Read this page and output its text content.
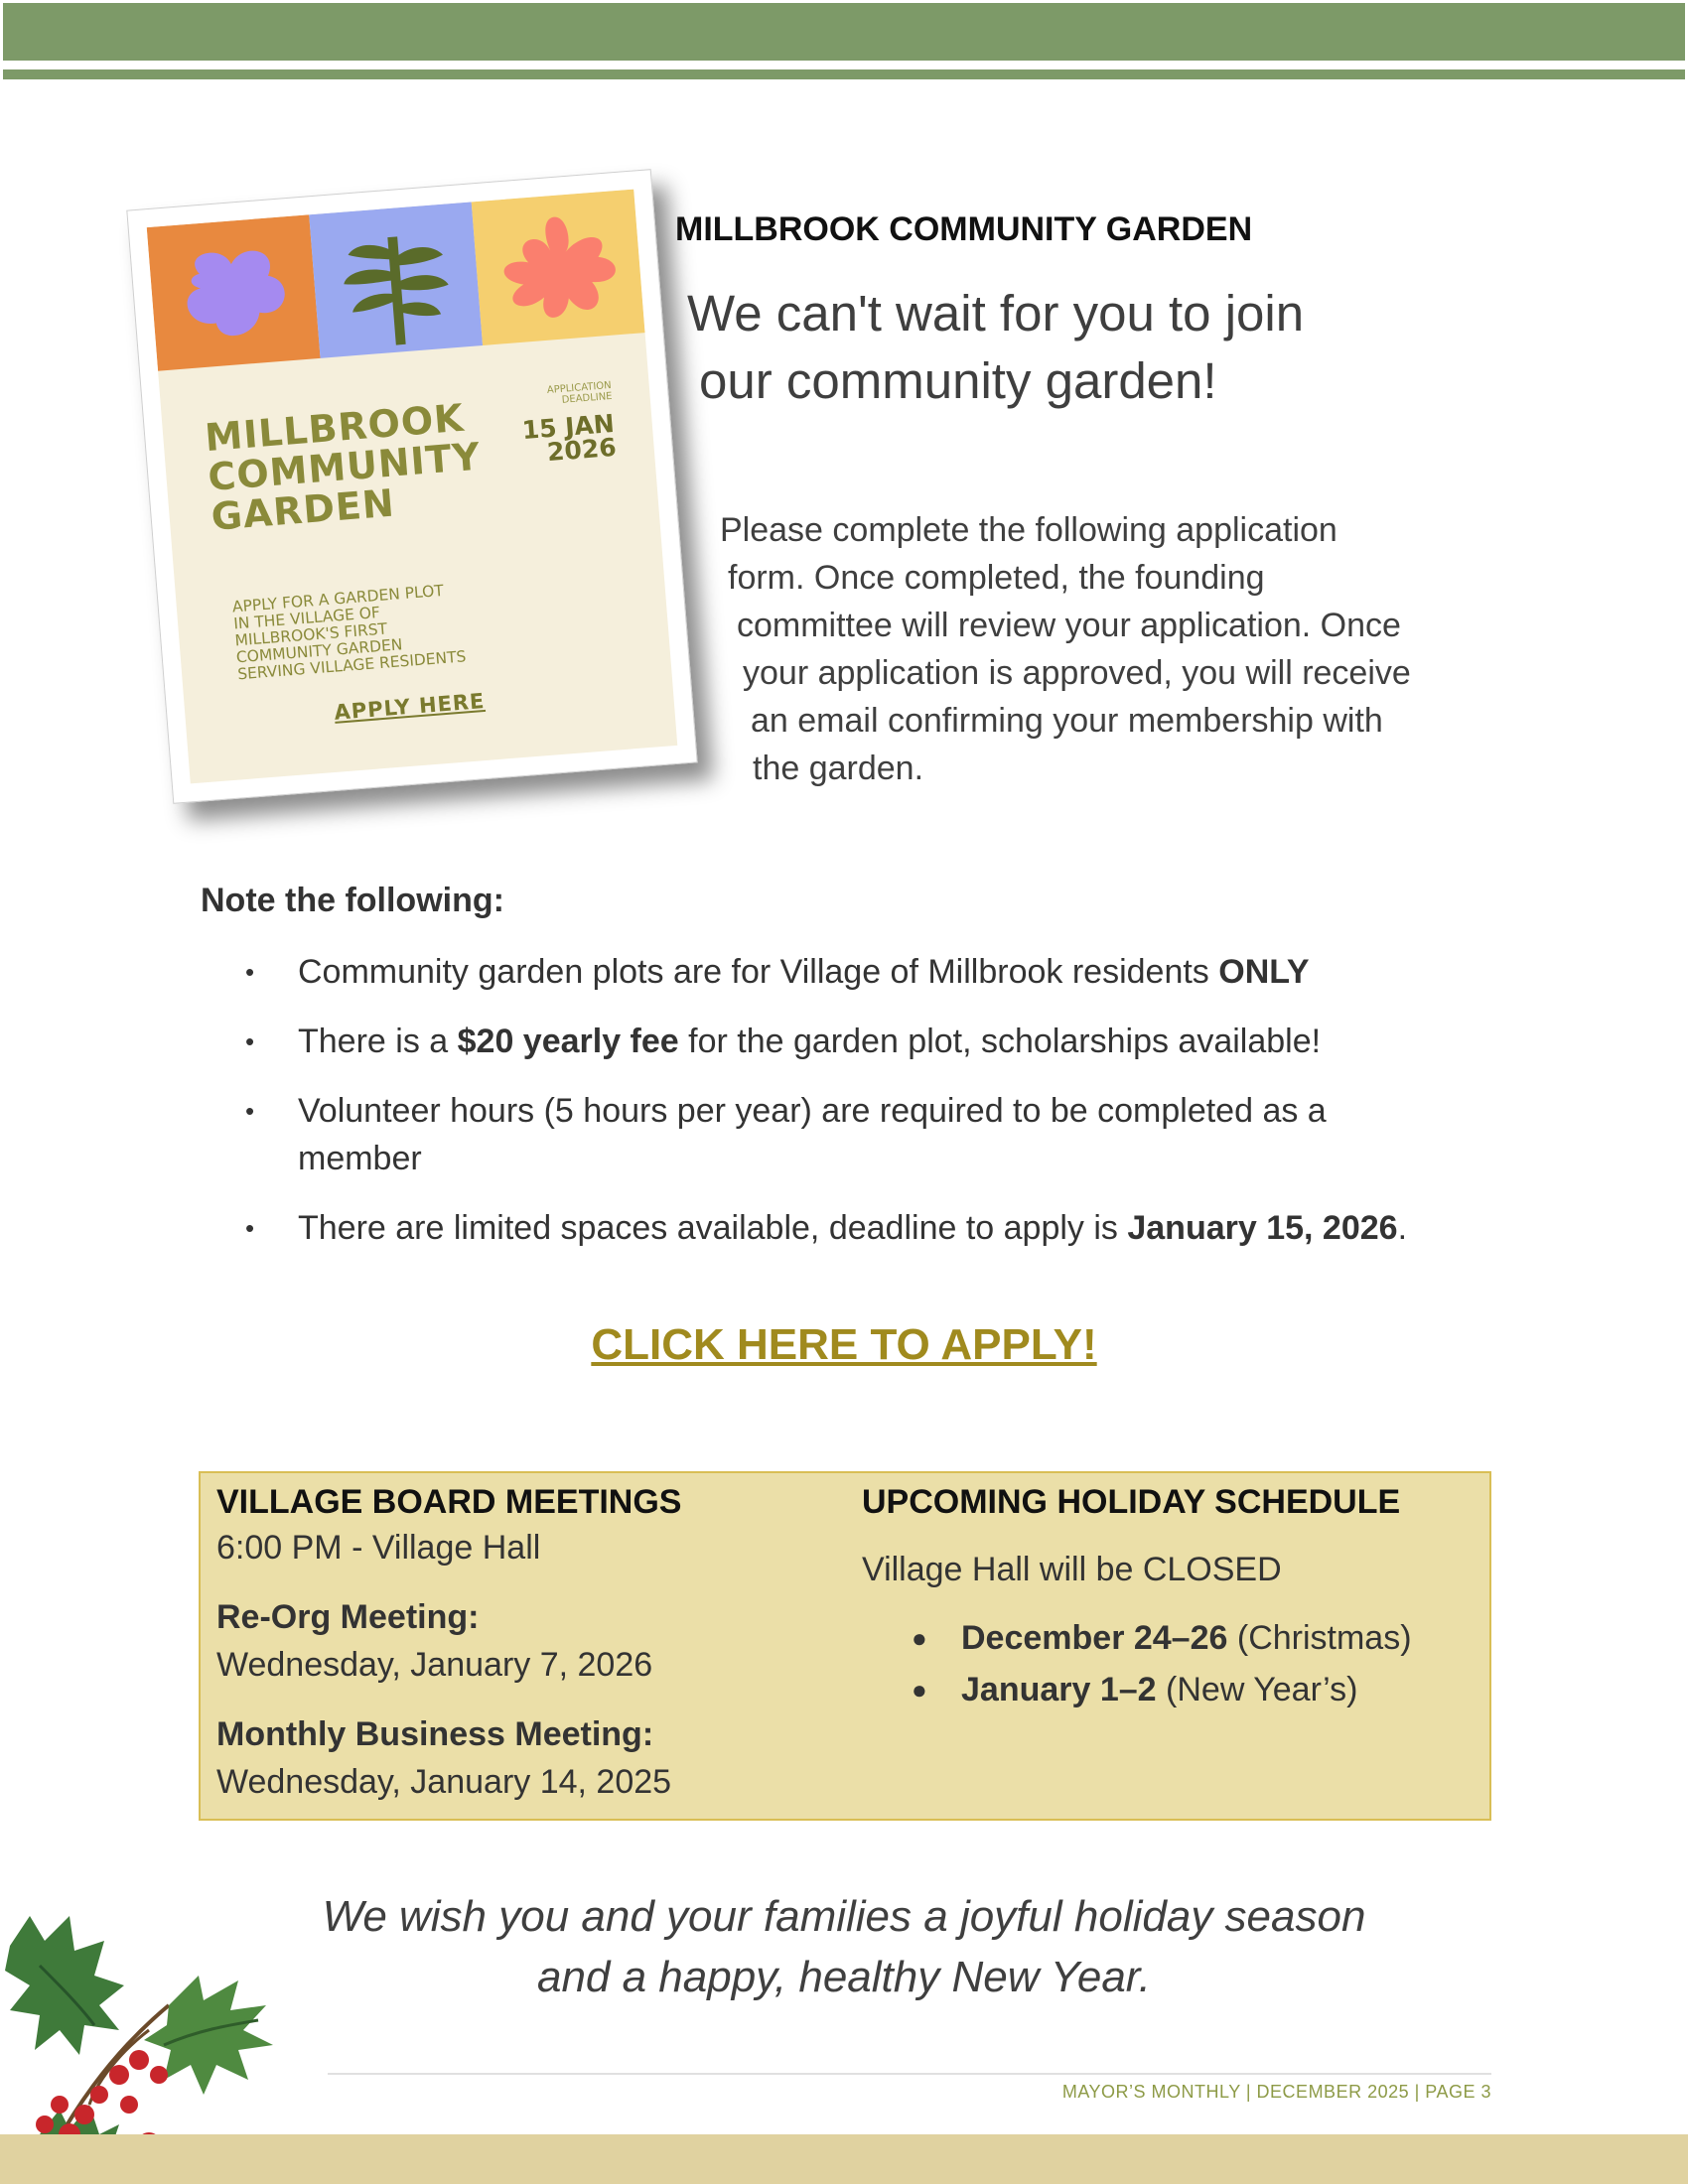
MILLBROOK
COMMUNITY
GARDEN
APPLICATION
DEADLINE
15 JAN
2026
APPLY FOR A GARDEN PLOT
IN THE VILLAGE OF
MILLBROOK'S FIRST
COMMUNITY GARDEN
SERVING VILLAGE RESIDENTS
APPLY HERE
MILLBROOK COMMUNITY GARDEN
We can't wait for you to join
our community garden!
Please complete the following application
form. Once completed, the founding
committee will review your application. Once
your application is approved, you will receive
an email confirming your membership with
the garden.
Note the following:
• Community garden plots are for Village of Millbrook residents ONLY
• There is a $20 yearly fee for the garden plot, scholarships available!
• Volunteer hours (5 hours per year) are required to be completed as a member
• There are limited spaces available, deadline to apply is January 15, 2026.
CLICK HERE TO APPLY!
VILLAGE BOARD MEETINGS
6:00 PM - Village Hall
Re-Org Meeting:
Wednesday, January 7, 2026
Monthly Business Meeting:
Wednesday, January 14, 2025
UPCOMING HOLIDAY SCHEDULE
Village Hall will be CLOSED
● December 24–26 (Christmas)
● January 1–2 (New Year’s)
We wish you and your families a joyful holiday season
and a happy, healthy New Year.
MAYOR’S MONTHLY | DECEMBER 2025 | PAGE 3
